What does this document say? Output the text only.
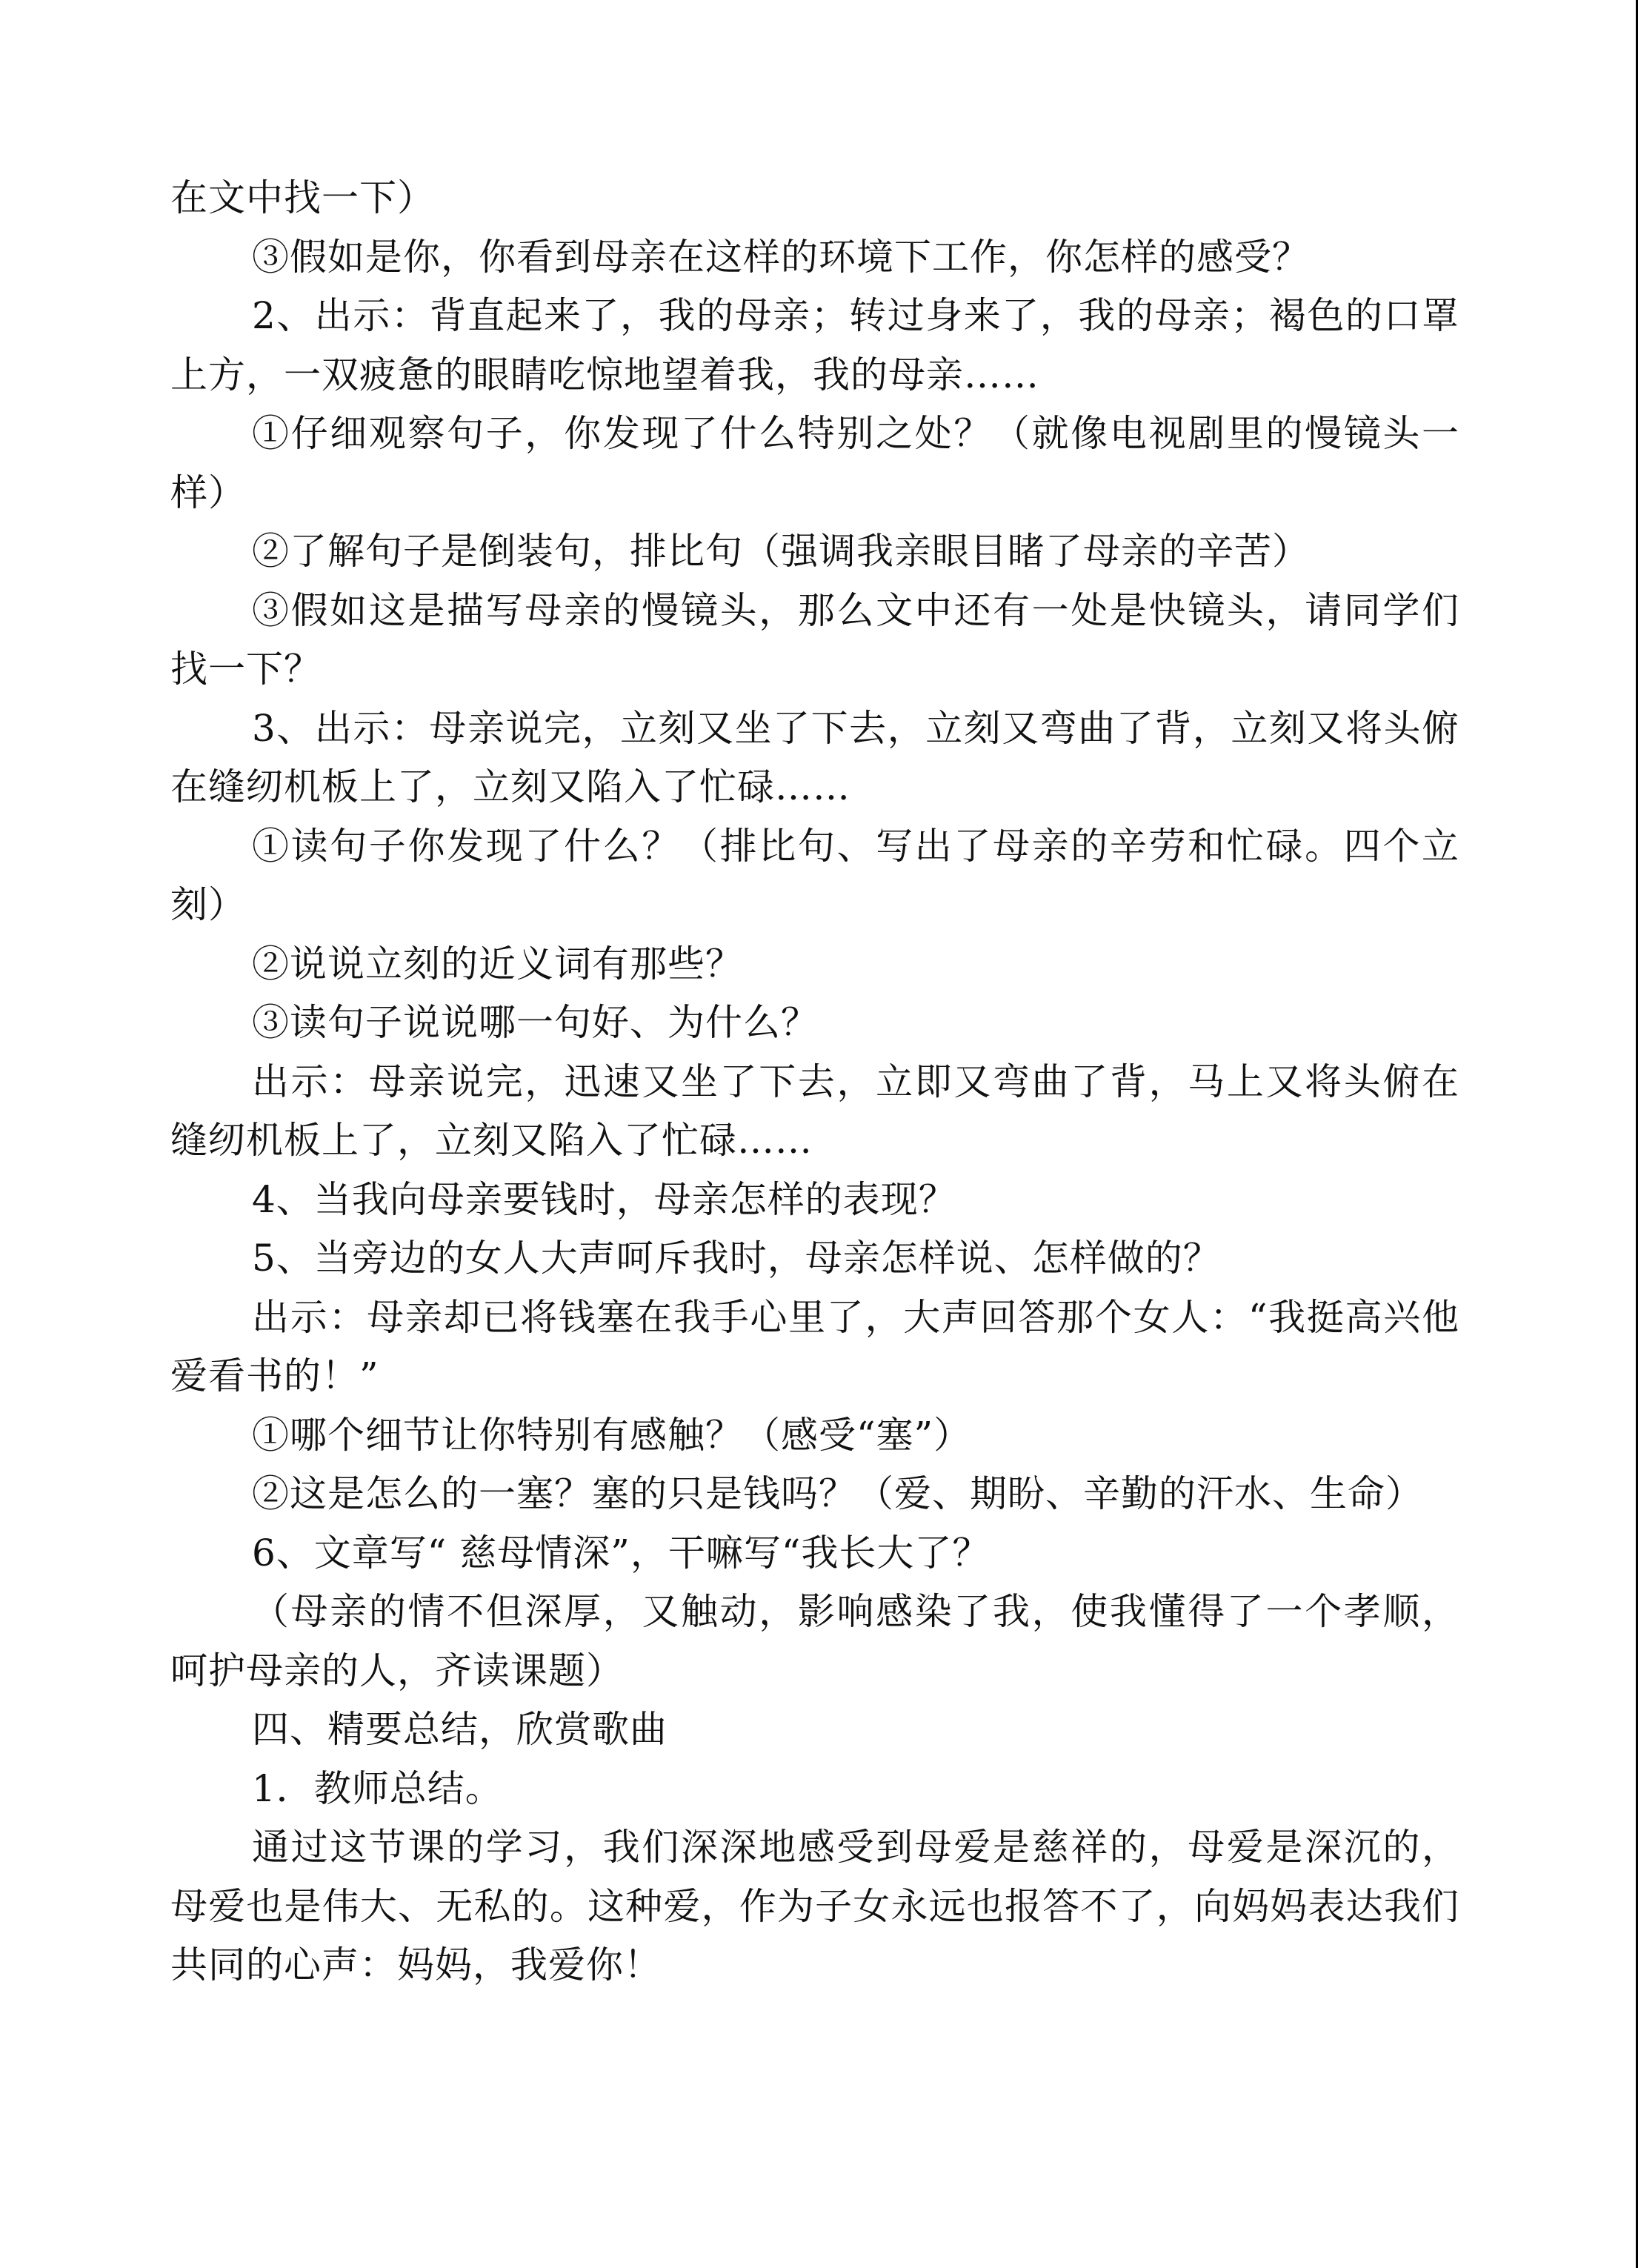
在文中找一下）

③假如是你，你看到母亲在这样的环境下工作，你怎样的感受？

2、出示：背直起来了，我的母亲；转过身来了，我的母亲；褐色的口罩上方，一双疲惫的眼睛吃惊地望着我，我的母亲……

①仔细观察句子，你发现了什么特别之处？（就像电视剧里的慢镜头一样）

②了解句子是倒装句，排比句（强调我亲眼目睹了母亲的辛苦）

③假如这是描写母亲的慢镜头，那么文中还有一处是快镜头，请同学们找一下？

3、出示：母亲说完，立刻又坐了下去，立刻又弯曲了背，立刻又将头俯在缝纫机板上了，立刻又陷入了忙碌……

①读句子你发现了什么？（排比句、写出了母亲的辛劳和忙碌。四个立刻）

②说说立刻的近义词有那些？

③读句子说说哪一句好、为什么？

出示：母亲说完，迅速又坐了下去，立即又弯曲了背，马上又将头俯在缝纫机板上了，立刻又陷入了忙碌……

4、当我向母亲要钱时，母亲怎样的表现？

5、当旁边的女人大声呵斥我时，母亲怎样说、怎样做的？

出示：母亲却已将钱塞在我手心里了，大声回答那个女人：“我挺高兴他爱看书的！”

①哪个细节让你特别有感触？（感受“塞”）

②这是怎么的一塞？塞的只是钱吗？（爱、期盼、辛勤的汗水、生命）

6、文章写“ 慈母情深”，干嘛写“我长大了？

（母亲的情不但深厚，又触动，影响感染了我，使我懂得了一个孝顺，呵护母亲的人，齐读课题）

四、精要总结，欣赏歌曲

1．教师总结。

通过这节课的学习，我们深深地感受到母爱是慈祥的，母爱是深沉的，母爱也是伟大、无私的。这种爱，作为子女永远也报答不了，向妈妈表达我们共同的心声：妈妈，我爱你！
